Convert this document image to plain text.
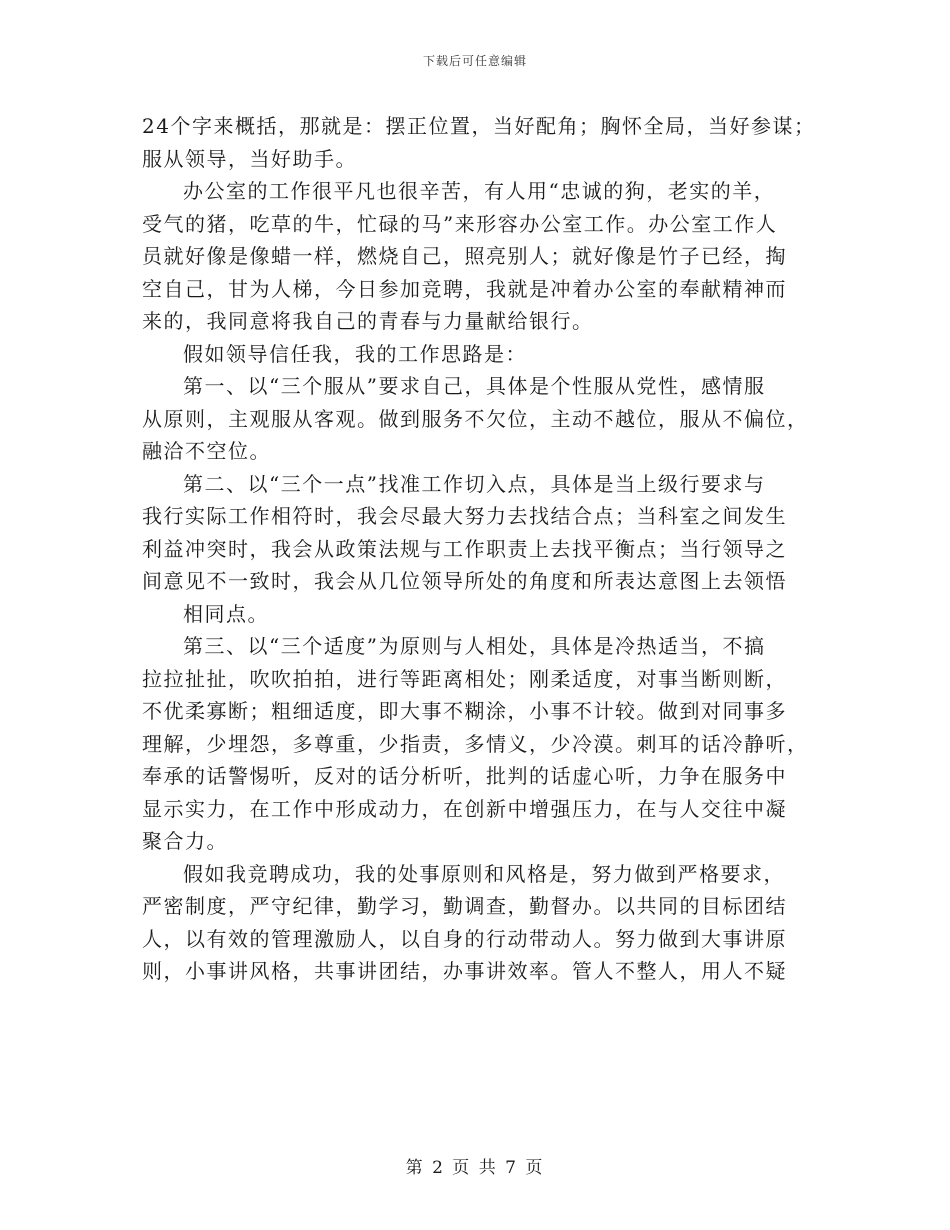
下载后可任意编辑
24个字来概括，那就是：摆正位置，当好配角；胸怀全局，当好参谋；
服从领导，当好助手。
办公室的工作很平凡也很辛苦，有人用“忠诚的狗，老实的羊，
受气的猪，吃草的牛，忙碌的马”来形容办公室工作。办公室工作人
员就好像是像蜡一样，燃烧自己，照亮别人；就好像是竹子已经，掏
空自己，甘为人梯，今日参加竞聘，我就是冲着办公室的奉献精神而
来的，我同意将我自己的青春与力量献给银行。
假如领导信任我，我的工作思路是：
第一、以“三个服从”要求自己，具体是个性服从党性，感情服
从原则，主观服从客观。做到服务不欠位，主动不越位，服从不偏位，
融洽不空位。
第二、以“三个一点”找准工作切入点，具体是当上级行要求与
我行实际工作相符时，我会尽最大努力去找结合点；当科室之间发生
利益冲突时，我会从政策法规与工作职责上去找平衡点；当行领导之
间意见不一致时，我会从几位领导所处的角度和所表达意图上去领悟
相同点。
第三、以“三个适度”为原则与人相处，具体是冷热适当，不搞
拉拉扯扯，吹吹拍拍，进行等距离相处；刚柔适度，对事当断则断，
不优柔寡断；粗细适度，即大事不糊涂，小事不计较。做到对同事多
理解，少埋怨，多尊重，少指责，多情义，少冷漠。刺耳的话冷静听，
奉承的话警惕听，反对的话分析听，批判的话虚心听，力争在服务中
显示实力，在工作中形成动力，在创新中增强压力，在与人交往中凝
聚合力。
假如我竞聘成功，我的处事原则和风格是，努力做到严格要求，
严密制度，严守纪律，勤学习，勤调查，勤督办。以共同的目标团结
人，以有效的管理激励人，以自身的行动带动人。努力做到大事讲原
则，小事讲风格，共事讲团结，办事讲效率。管人不整人，用人不疑
第 2 页 共 7 页
